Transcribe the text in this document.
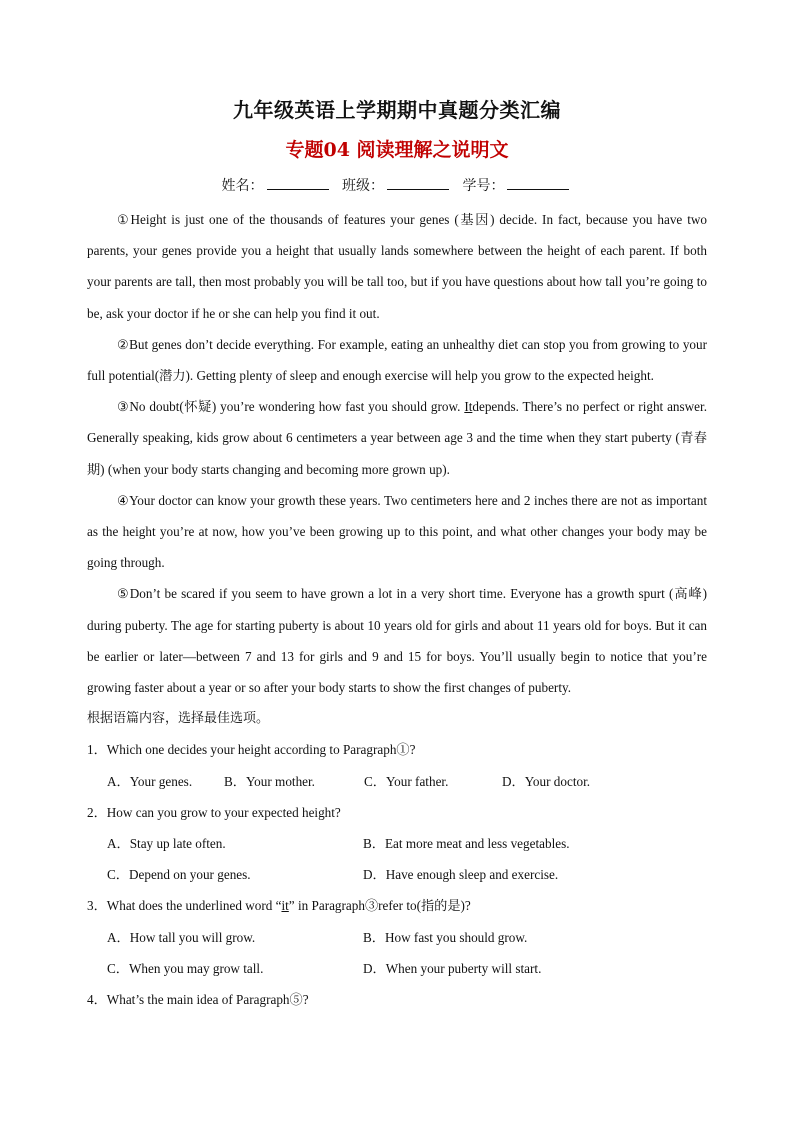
九年级英语上学期期中真题分类汇编
专题04 阅读理解之说明文
姓名：	班级：	学号：

①Height is just one of the thousands of features your genes (基因) decide. In fact, because you have two parents, your genes provide you a height that usually lands somewhere between the height of each parent. If both your parents are tall, then most probably you will be tall too, but if you have questions about how tall you’re going to be, ask your doctor if he or she can help you find it out.

②But genes don’t decide everything. For example, eating an unhealthy diet can stop you from growing to your full potential(潜力). Getting plenty of sleep and enough exercise will help you grow to the expected height.

③No doubt(怀疑) you’re wondering how fast you should grow. Itdepends. There’s no perfect or right answer. Generally speaking, kids grow about 6 centimeters a year between age 3 and the time when they start puberty (青春期) (when your body starts changing and becoming more grown up).

④Your doctor can know your growth these years. Two centimeters here and 2 inches there are not as important as the height you’re at now, how you’ve been growing up to this point, and what other changes your body may be going through.

⑤Don’t be scared if you seem to have grown a lot in a very short time. Everyone has a growth spurt (高峰) during puberty. The age for starting puberty is about 10 years old for girls and about 11 years old for boys. But it can be earlier or later—between 7 and 13 for girls and 9 and 15 for boys. You’ll usually begin to notice that you’re growing faster about a year or so after your body starts to show the first changes of puberty.

根据语篇内容，选择最佳选项。

1．Which one decides your height according to Paragraph①?

A．Your genes.	B．Your mother.	C．Your father.	D．Your doctor.

2．How can you grow to your expected height?

A．Stay up late often.	B．Eat more meat and less vegetables.
C．Depend on your genes.	D．Have enough sleep and exercise.

3．What does the underlined word “it” in Paragraph③refer to(指的是)?

A．How tall you will grow.	B．How fast you should grow.
C．When you may grow tall.	D．When your puberty will start.

4．What’s the main idea of Paragraph⑤?
